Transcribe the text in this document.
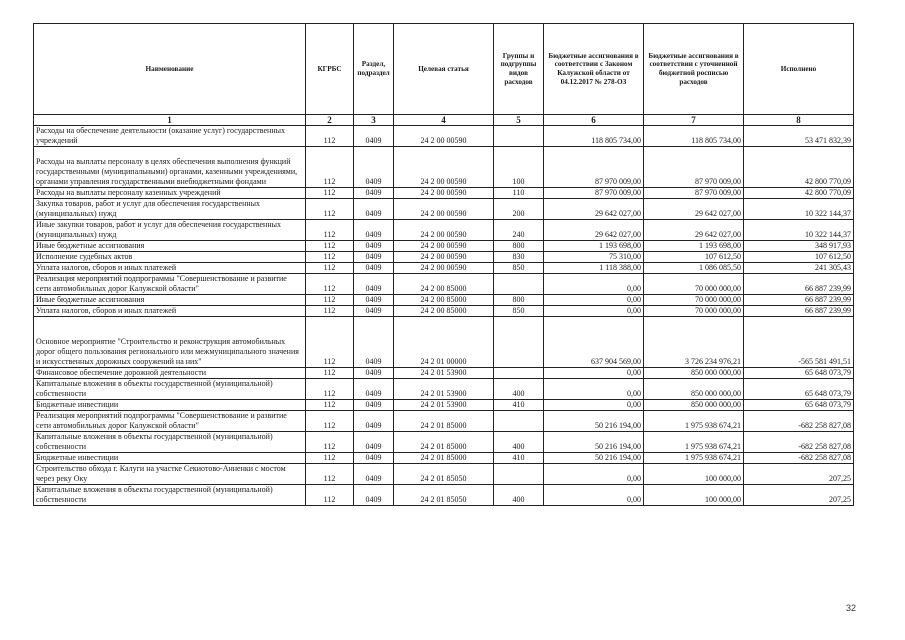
Наименование	КГРБС	Раздел, подраздел	Целевая статья	Группы и подгруппы видов расходов	Бюджетные ассигнования в соответствии с Законом Калужской области от 04.12.2017 № 278-ОЗ	Бюджетные ассигнования в соответствии с уточненной бюджетной росписью расходов	Исполнено
1	2	3	4	5	6	7	8
Расходы на обеспечение деятельности (оказание услуг) государственных учреждений	112	0409	24 2 00 00590		118 805 734,00	118 805 734,00	53 471 832,39
Расходы на выплаты персоналу в целях обеспечения выполнения функций государственными (муниципальными) органами, казенными учреждениями, органами управления государственными внебюджетными фондами	112	0409	24 2 00 00590	100	87 970 009,00	87 970 009,00	42 800 770,09
Расходы на выплаты персоналу казенных учреждений	112	0409	24 2 00 00590	110	87 970 009,00	87 970 009,00	42 800 770,09
Закупка товаров, работ и услуг для обеспечения государственных (муниципальных) нужд	112	0409	24 2 00 00590	200	29 642 027,00	29 642 027,00	10 322 144,37
Иные закупки товаров, работ и услуг для обеспечения государственных (муниципальных) нужд	112	0409	24 2 00 00590	240	29 642 027,00	29 642 027,00	10 322 144,37
Иные бюджетные ассигнования	112	0409	24 2 00 00590	800	1 193 698,00	1 193 698,00	348 917,93
Исполнение судебных актов	112	0409	24 2 00 00590	830	75 310,00	107 612,50	107 612,50
Уплата налогов, сборов и иных платежей	112	0409	24 2 00 00590	850	1 118 388,00	1 086 085,50	241 305,43
Реализация мероприятий подпрограммы "Совершенствование и развитие сети автомобильных дорог Калужской области"	112	0409	24 2 00 85000		0,00	70 000 000,00	66 887 239,99
Иные бюджетные ассигнования	112	0409	24 2 00 85000	800	0,00	70 000 000,00	66 887 239,99
Уплата налогов, сборов и иных платежей	112	0409	24 2 00 85000	850	0,00	70 000 000,00	66 887 239,99
Основное мероприятие "Строительство и реконструкция автомобильных дорог общего пользования регионального или межмуниципального значения и искусственных дорожных сооружений на них"	112	0409	24 2 01 00000		637 904 569,00	3 726 234 976,21	-565 581 491,51
Финансовое обеспечение дорожной деятельности	112	0409	24 2 01 53900		0,00	850 000 000,00	65 648 073,79
Капитальные вложения в объекты государственной (муниципальной) собственности	112	0409	24 2 01 53900	400	0,00	850 000 000,00	65 648 073,79
Бюджетные инвестиции	112	0409	24 2 01 53900	410	0,00	850 000 000,00	65 648 073,79
Реализация мероприятий подпрограммы "Совершенствование и развитие сети автомобильных дорог Калужской области"	112	0409	24 2 01 85000		50 216 194,00	1 975 938 674,21	-682 258 827,08
Капитальные вложения в объекты государственной (муниципальной) собственности	112	0409	24 2 01 85000	400	50 216 194,00	1 975 938 674,21	-682 258 827,08
Бюджетные инвестиции	112	0409	24 2 01 85000	410	50 216 194,00	1 975 938 674,21	-682 258 827,08
Строительство обхода г. Калуги на участке Секиотово-Анненки с мостом через реку Оку	112	0409	24 2 01 85050		0,00	100 000,00	207,25
Капитальные вложения в объекты государственной (муниципальной) собственности	112	0409	24 2 01 85050	400	0,00	100 000,00	207,25
32
